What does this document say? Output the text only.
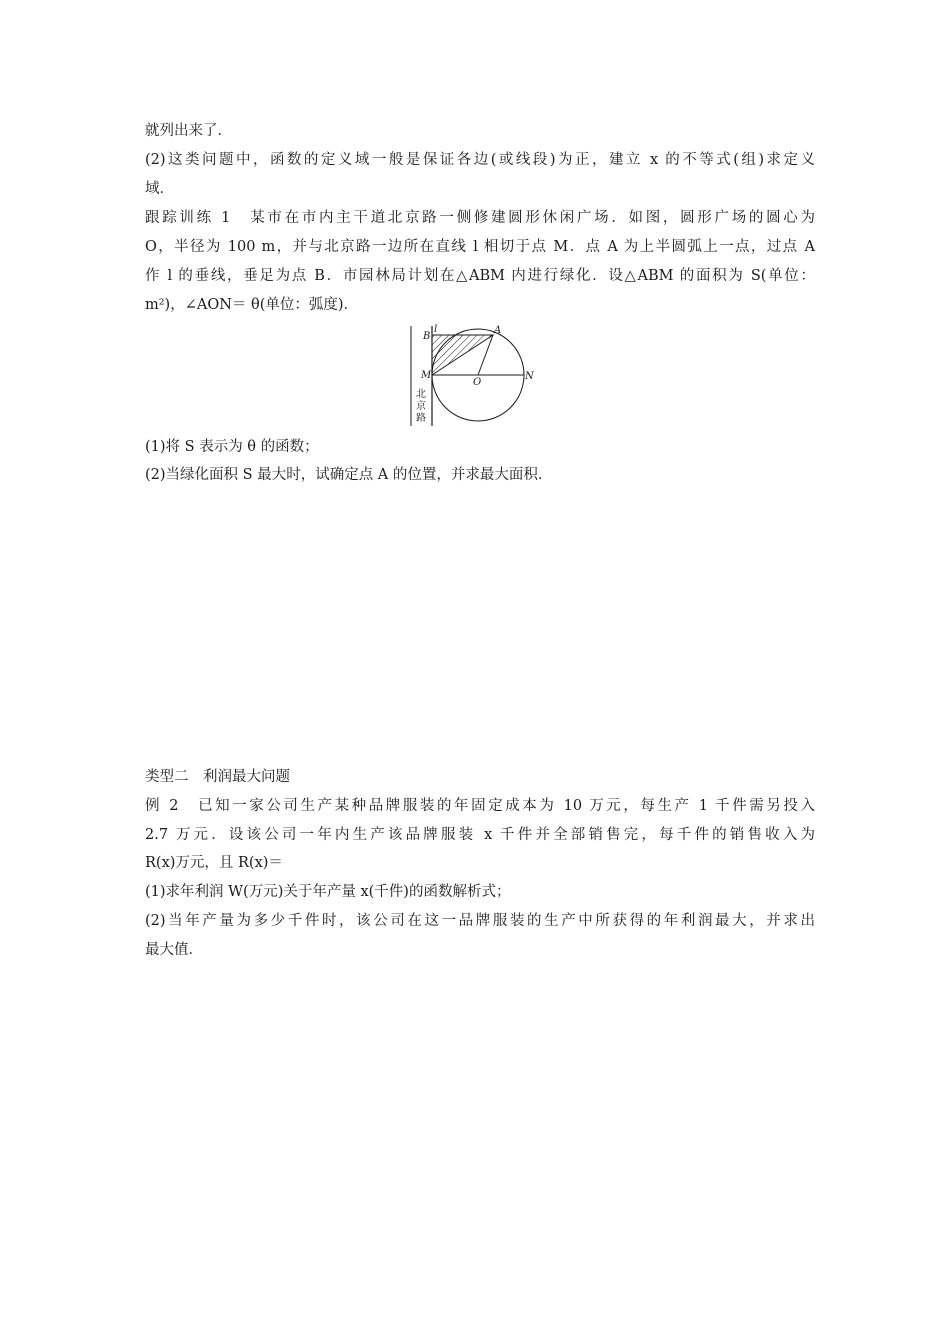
就列出来了．
(2)这类问题中，函数的定义域一般是保证各边(或线段)为正，建立 x 的不等式(组)求定义
域．
跟踪训练 1　某市在市内主干道北京路一侧修建圆形休闲广场．如图，圆形广场的圆心为
O，半径为 100 m，并与北京路一边所在直线 l 相切于点 M．点 A 为上半圆弧上一点，过点 A
作 l 的垂线，垂足为点 B．市园林局计划在△ABM 内进行绿化．设△ABM 的面积为 S(单位：
m²)，∠AON＝ θ(单位：弧度)．
l
B
A
M
O
N
北
京
路
(1)将 S 表示为 θ 的函数；
(2)当绿化面积 S 最大时，试确定点 A 的位置，并求最大面积．
类型二　利润最大问题
例 2　已知一家公司生产某种品牌服装的年固定成本为 10 万元，每生产 1 千件需另投入
2.7 万元．设该公司一年内生产该品牌服装 x 千件并全部销售完，每千件的销售收入为
R(x)万元，且 R(x)＝
(1)求年利润 W(万元)关于年产量 x(千件)的函数解析式；
(2)当年产量为多少千件时，该公司在这一品牌服装的生产中所获得的年利润最大，并求出
最大值．
